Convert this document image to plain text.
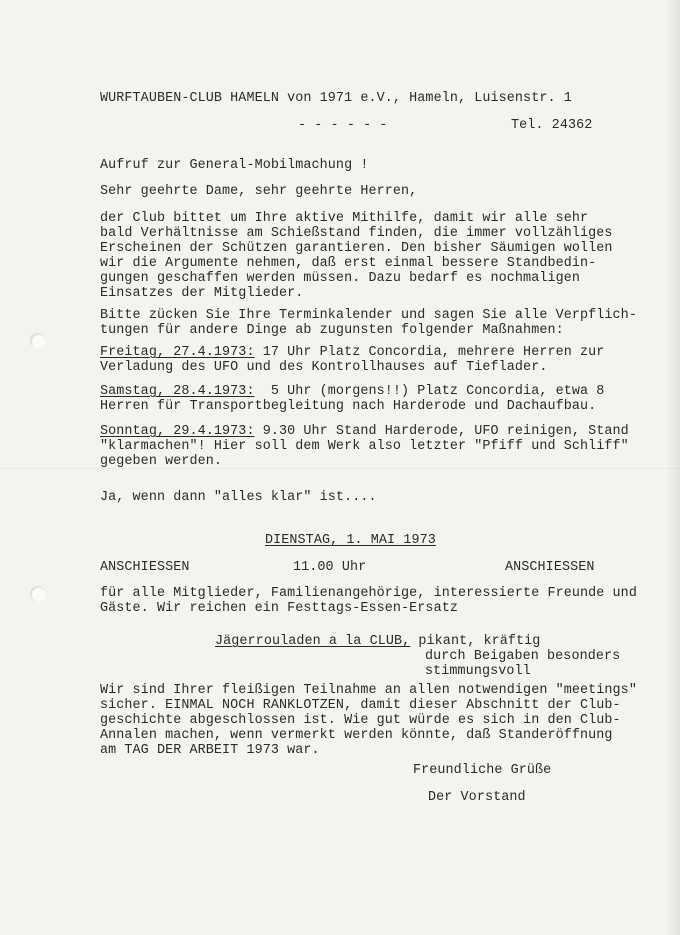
WURFTAUBEN-CLUB HAMELN von 1971 e.V., Hameln, Luisenstr. 1
- - - - - -	Tel. 24362
Aufruf zur General-Mobilmachung !
Sehr geehrte Dame, sehr geehrte Herren,
der Club bittet um Ihre aktive Mithilfe, damit wir alle sehr
bald Verhältnisse am Schießstand finden, die immer vollzähliges
Erscheinen der Schützen garantieren. Den bisher Säumigen wollen
wir die Argumente nehmen, daß erst einmal bessere Standbedin-
gungen geschaffen werden müssen. Dazu bedarf es nochmaligen
Einsatzes der Mitglieder.
Bitte zücken Sie Ihre Terminkalender und sagen Sie alle Verpflich-
tungen für andere Dinge ab zugunsten folgender Maßnahmen:
Freitag, 27.4.1973: 17 Uhr Platz Concordia, mehrere Herren zur
Verladung des UFO und des Kontrollhauses auf Tieflader.
Samstag, 28.4.1973:  5 Uhr (morgens!!) Platz Concordia, etwa 8
Herren für Transportbegleitung nach Harderode und Dachaufbau.
Sonntag, 29.4.1973: 9.30 Uhr Stand Harderode, UFO reinigen, Stand
"klarmachen"! Hier soll dem Werk also letzter "Pfiff und Schliff"
gegeben werden.
Ja, wenn dann "alles klar" ist....
DIENSTAG, 1. MAI 1973
ANSCHIESSEN	11.00 Uhr	ANSCHIESSEN
für alle Mitglieder, Familienangehörige, interessierte Freunde und
Gäste. Wir reichen ein Festtags-Essen-Ersatz
Jägerrouladen a la CLUB, pikant, kräftig
durch Beigaben besonders
stimmungsvoll
Wir sind Ihrer fleißigen Teilnahme an allen notwendigen "meetings"
sicher. EINMAL NOCH RANKLOTZEN, damit dieser Abschnitt der Club-
geschichte abgeschlossen ist. Wie gut würde es sich in den Club-
Annalen machen, wenn vermerkt werden könnte, daß Standeröffnung
am TAG DER ARBEIT 1973 war.
Freundliche Grüße
Der Vorstand
